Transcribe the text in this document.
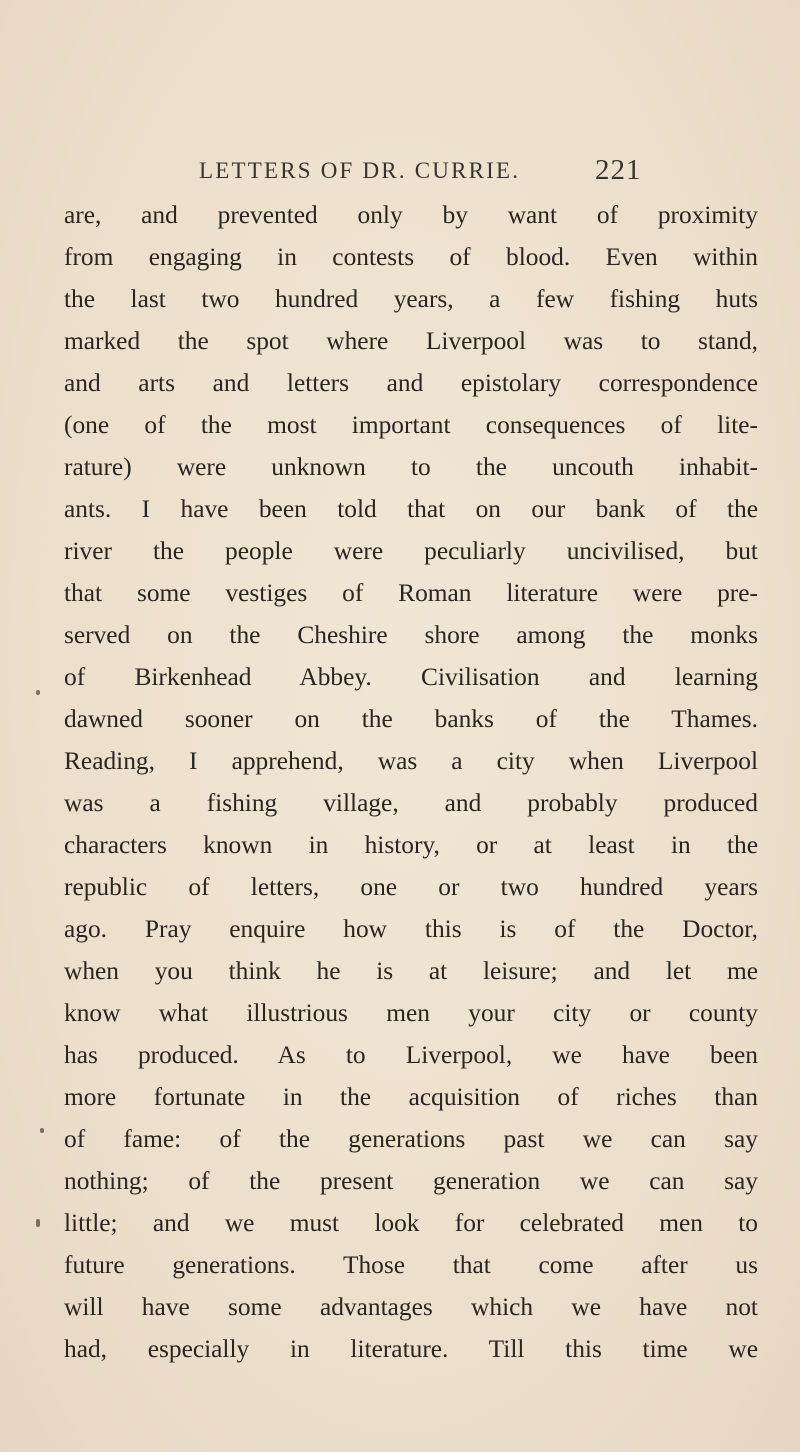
LETTERS OF DR. CURRIE.	221
are, and prevented only by want of proximity
from engaging in contests of blood. Even within
the last two hundred years, a few fishing huts
marked the spot where Liverpool was to stand,
and arts and letters and epistolary correspondence
(one of the most important consequences of lite-
rature) were unknown to the uncouth inhabit-
ants. I have been told that on our bank of the
river the people were peculiarly uncivilised, but
that some vestiges of Roman literature were pre-
served on the Cheshire shore among the monks
of Birkenhead Abbey. Civilisation and learning
dawned sooner on the banks of the Thames.
Reading, I apprehend, was a city when Liverpool
was a fishing village, and probably produced
characters known in history, or at least in the
republic of letters, one or two hundred years
ago. Pray enquire how this is of the Doctor,
when you think he is at leisure; and let me
know what illustrious men your city or county
has produced. As to Liverpool, we have been
more fortunate in the acquisition of riches than
of fame: of the generations past we can say
nothing; of the present generation we can say
little; and we must look for celebrated men to
future generations. Those that come after us
will have some advantages which we have not
had, especially in literature. Till this time we
